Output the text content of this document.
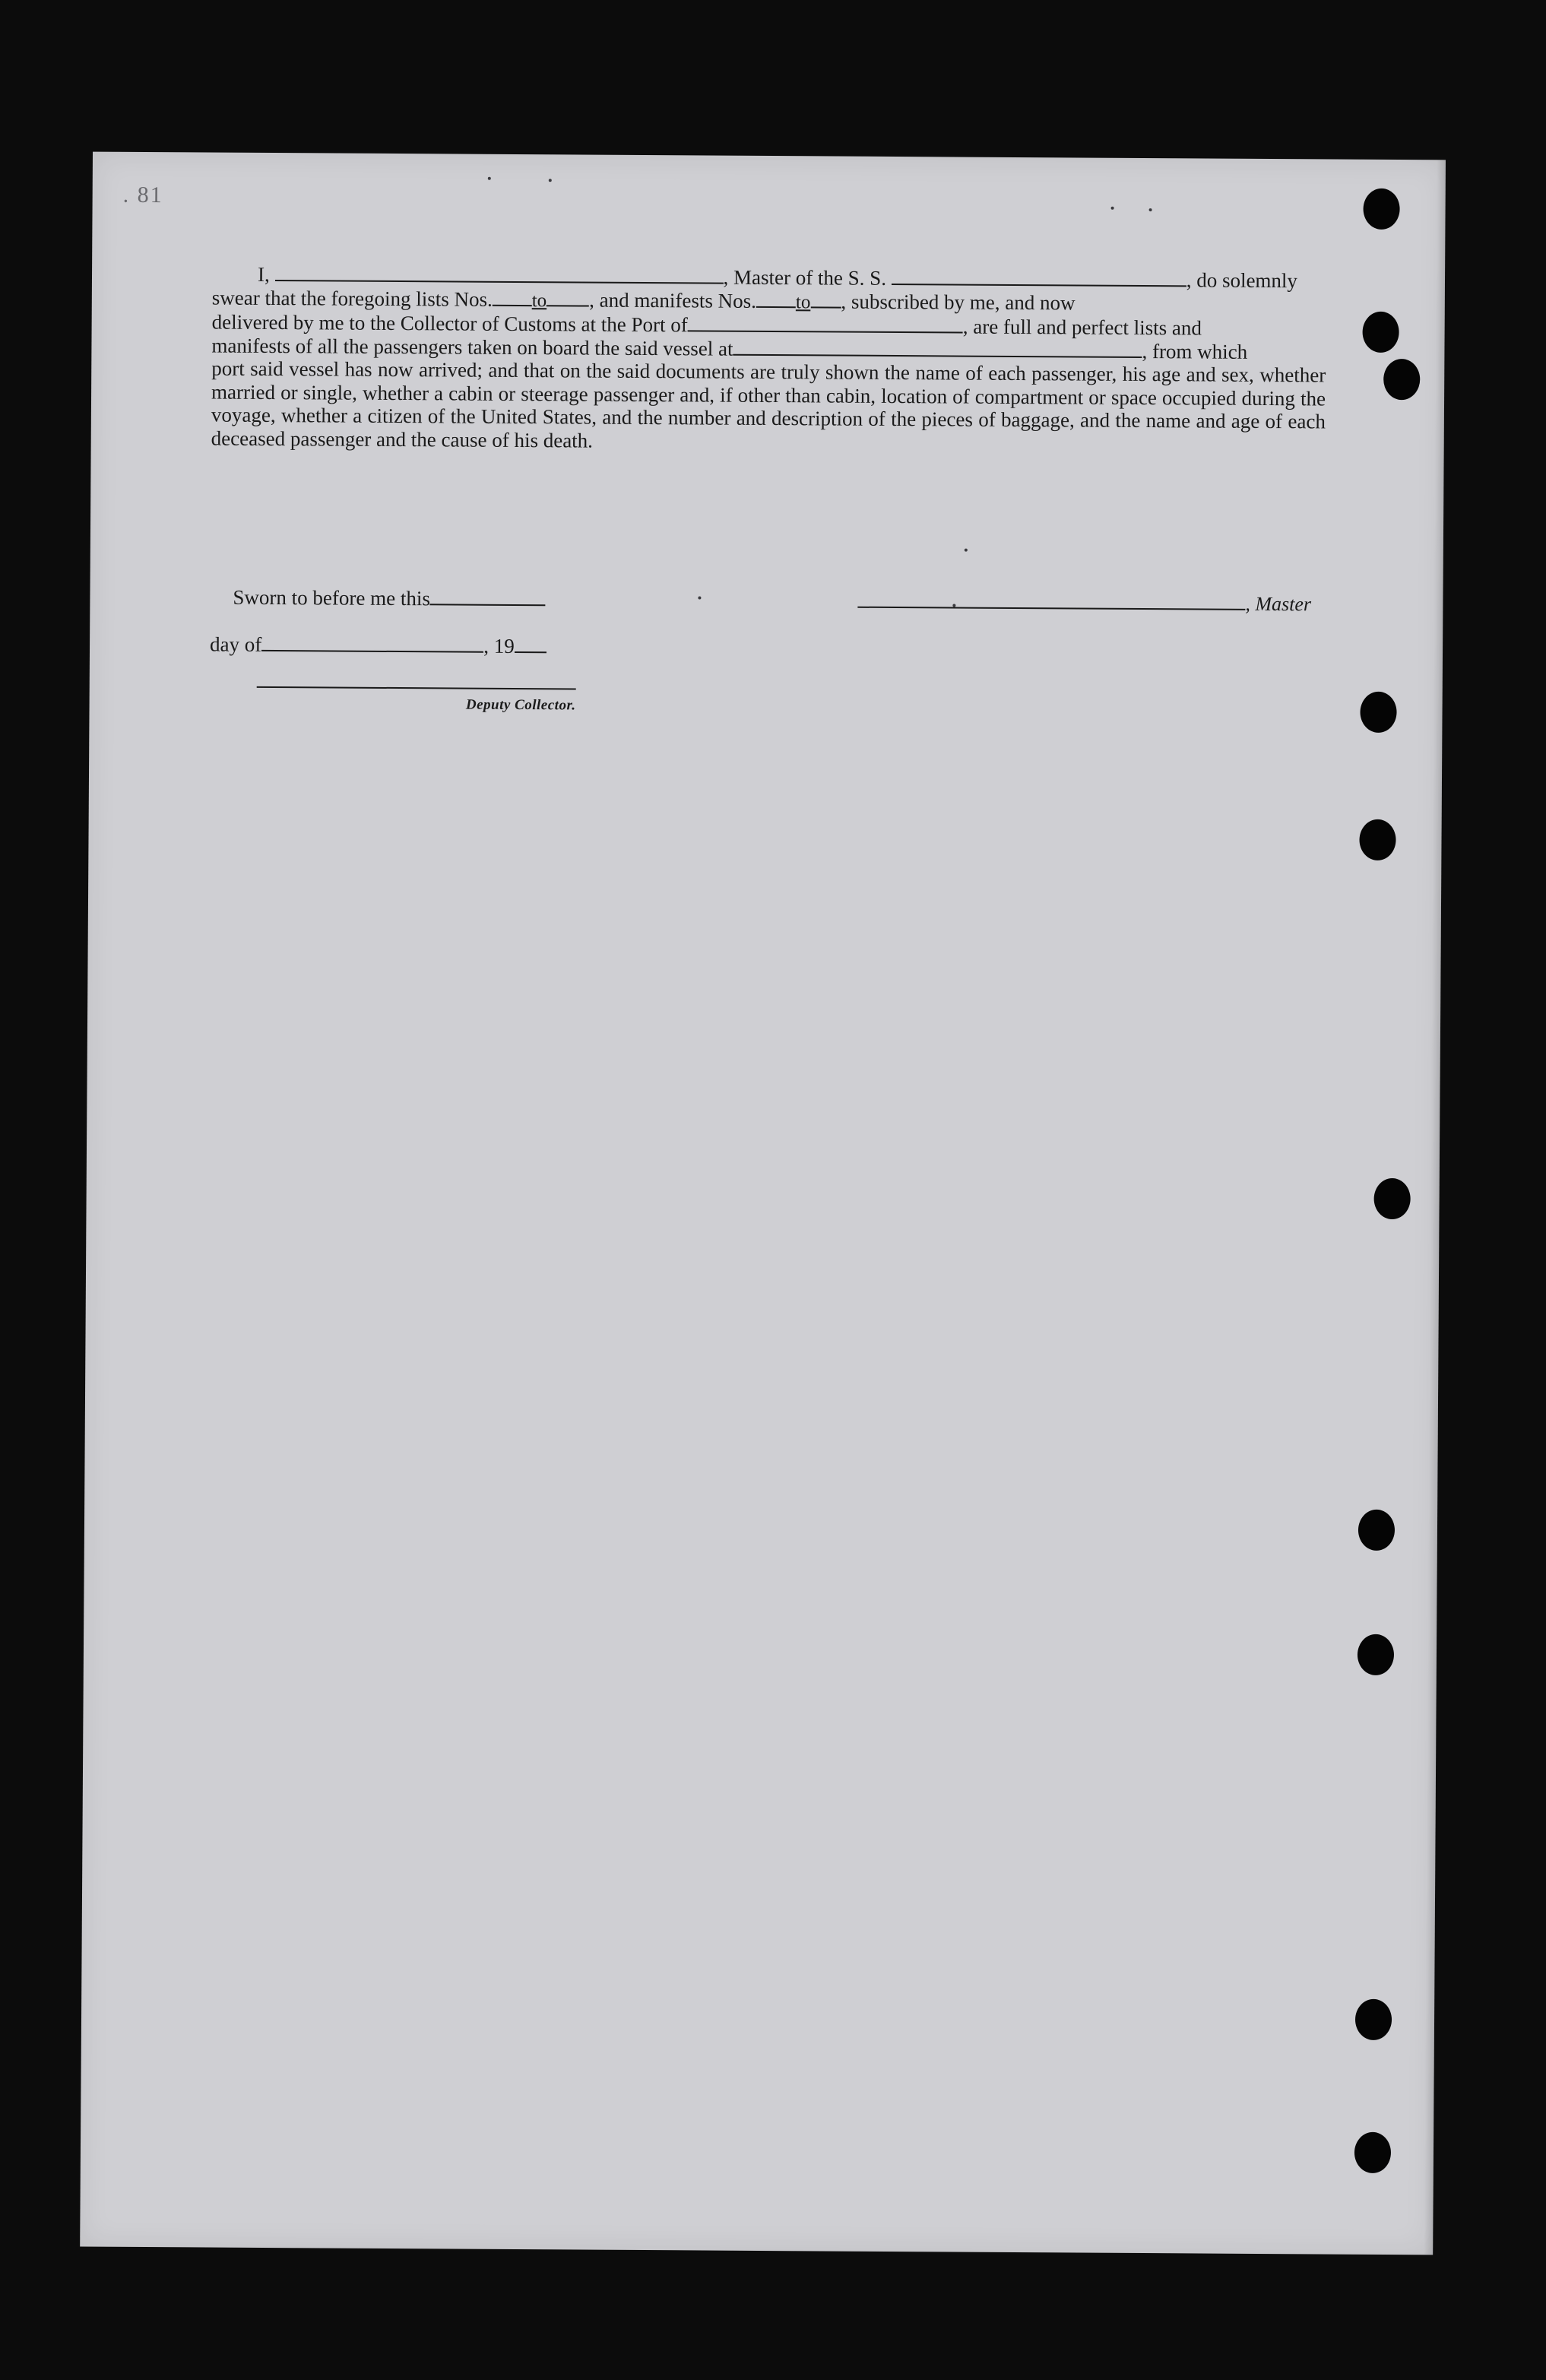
. 81

I,	, Master of the S. S.	, do solemnly

swear that the foregoing lists Nos. to , and manifests Nos. to , subscribed by me, and now
delivered by me to the Collector of Customs at the Port of	, are full and perfect lists and
manifests of all the passengers taken on board the said vessel at	, from which
port said vessel has now arrived; and that on the said documents are truly shown the name of each passenger, his age and sex, whether married or single, whether a cabin or steerage passenger and, if other than cabin, location of compartment or space occupied during the voyage, whether a citizen of the United States, and the number and description of the pieces of baggage, and the name and age of each deceased passenger and the cause of his death.
Sworn to before me this	, Master
day of	, 19
Deputy Collector.
